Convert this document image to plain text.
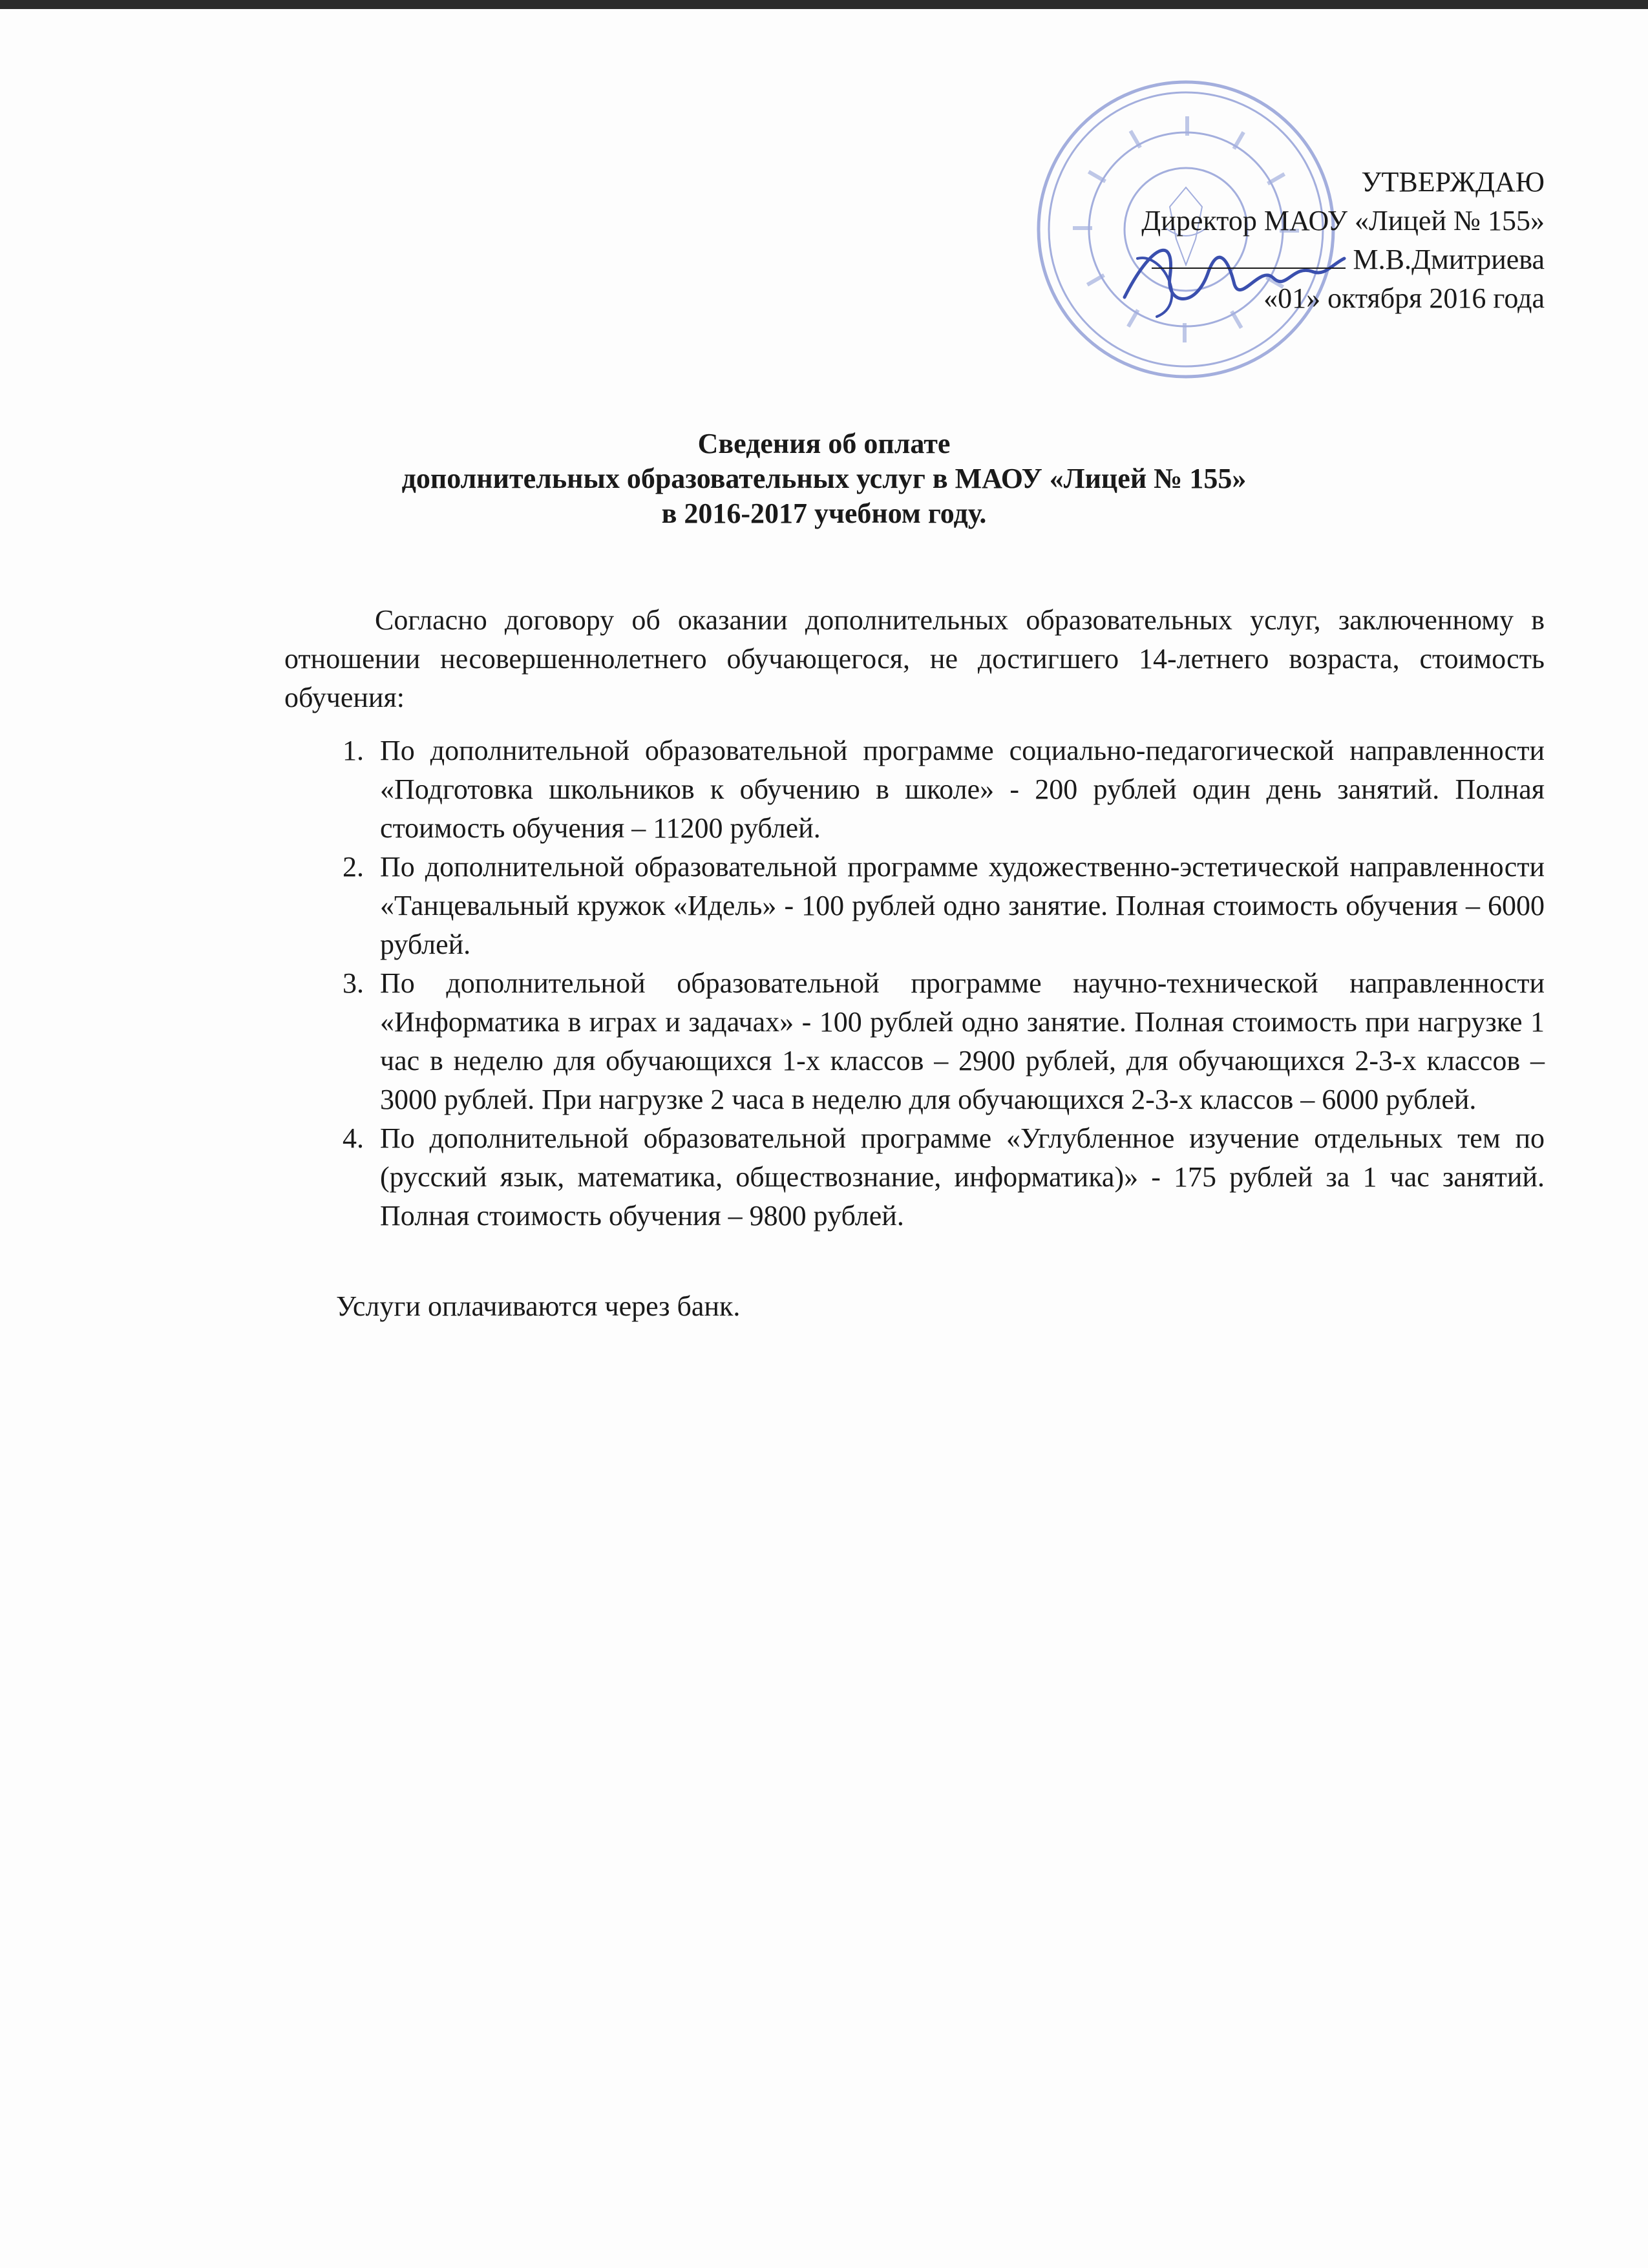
УТВЕРЖДАЮ
Директор МАОУ «Лицей № 155»
М.В.Дмитриева
«01» октября 2016 года
Сведения об оплате
дополнительных образовательных услуг в МАОУ «Лицей № 155»
в 2016-2017 учебном году.

Согласно договору об оказании дополнительных образовательных услуг, заключенному в отношении несовершеннолетнего обучающегося, не достигшего 14-летнего возраста, стоимость обучения:

1. По дополнительной образовательной программе социально-педагогической направленности «Подготовка школьников к обучению в школе» - 200 рублей один день занятий. Полная стоимость обучения – 11200 рублей.
2. По дополнительной образовательной программе художественно-эстетической направленности «Танцевальный кружок «Идель» - 100 рублей одно занятие. Полная стоимость обучения – 6000 рублей.
3. По дополнительной образовательной программе научно-технической направленности «Информатика в играх и задачах» - 100 рублей одно занятие. Полная стоимость при нагрузке 1 час в неделю для обучающихся 1-х классов – 2900 рублей, для обучающихся 2-3-х классов – 3000 рублей. При нагрузке 2 часа в неделю для обучающихся 2-3-х классов – 6000 рублей.
4. По дополнительной образовательной программе «Углубленное изучение отдельных тем по (русский язык, математика, обществознание, информатика)» - 175 рублей за 1 час занятий. Полная стоимость обучения – 9800 рублей.

Услуги оплачиваются через банк.
